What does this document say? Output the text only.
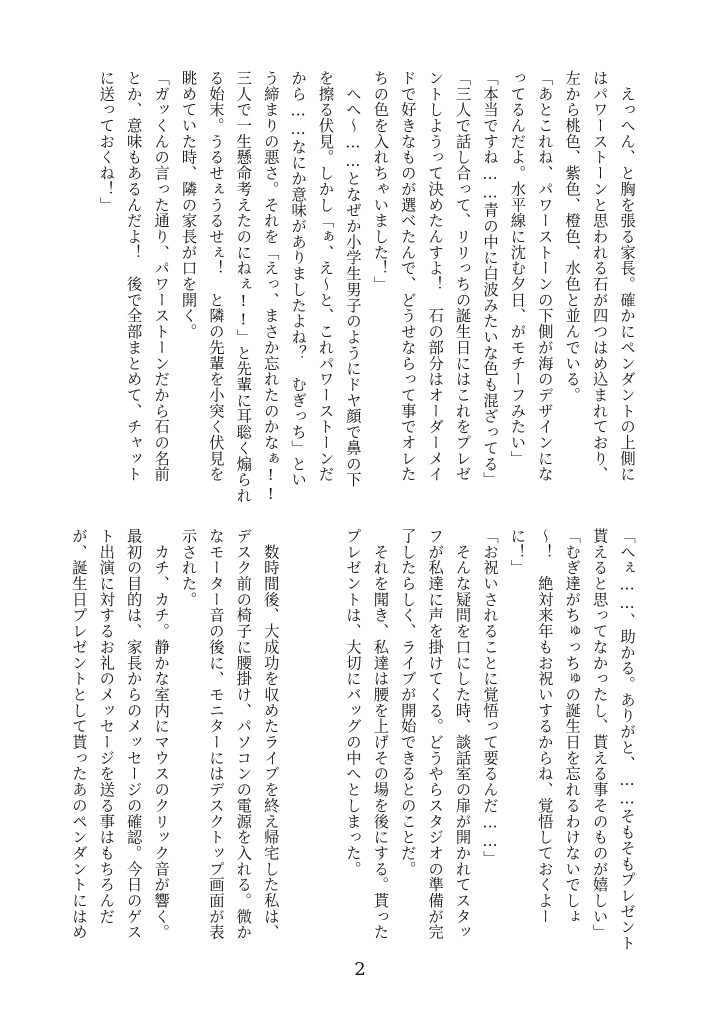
　えっへん、と胸を張る家長。確かにペンダントの上側に
はパワーストーンと思われる石が四つはめ込まれており、
左から桃色、紫色、橙色、水色と並んでいる。
「あとこれね、パワーストーンの下側が海のデザインにな
ってるんだよ。水平線に沈む夕日、がモチーフみたい」
「本当ですね……青の中に白波みたいな色も混ざってる」
「三人で話し合って、リリっちの誕生日にはこれをプレゼ
ントしようって決めたんすよ！　石の部分はオーダーメイ
ドで好きなものが選べたんで、どうせならって事でオレた
ちの色を入れちゃいました！」
　へへ～……となぜか小学生男子のようにドヤ顔で鼻の下
を擦る伏見。しかし「ぁ、え～と、これパワーストーンだ
から……なにか意味がありましたよね？　むぎっち」とい
う締まりの悪さ。それを「えっ、まさか忘れたのかなぁ!!
三人で一生懸命考えたのにねぇ!!」と先輩に耳聡く煽られ
る始末。うるせぇうるせぇ！　と隣の先輩を小突く伏見を
眺めていた時、隣の家長が口を開く。
「ガッくんの言った通り、パワーストーンだから石の名前
とか、意味もあるんだよ！　後で全部まとめて、チャット
に送っておくね！」
「へぇ……、助かる。ありがと、……そもそもプレゼント
貰えると思ってなかったし、貰える事そのものが嬉しい」
「むぎ達がちゅっちゅの誕生日を忘れるわけないでしょ
～！　絶対来年もお祝いするからね、覚悟しておくよー
に！」
「お祝いされることに覚悟って要るんだ……」
　そんな疑問を口にした時、談話室の扉が開かれてスタッ
フが私達に声を掛けてくる。どうやらスタジオの準備が完
了したらしく、ライブが開始できるとのことだ。
　それを聞き、私達は腰を上げその場を後にする。貰った
プレゼントは、大切にバッグの中へとしまった。

　数時間後、大成功を収めたライブを終え帰宅した私は、
デスク前の椅子に腰掛け、パソコンの電源を入れる。微か
なモーター音の後に、モニターにはデスクトップ画面が表
示された。
　カチ、カチ。静かな室内にマウスのクリック音が響く。
最初の目的は、家長からのメッセージの確認。今日のゲス
ト出演に対するお礼のメッセージを送る事はもちろんだ
が、誕生日プレゼントとして貰ったあのペンダントにはめ
2
